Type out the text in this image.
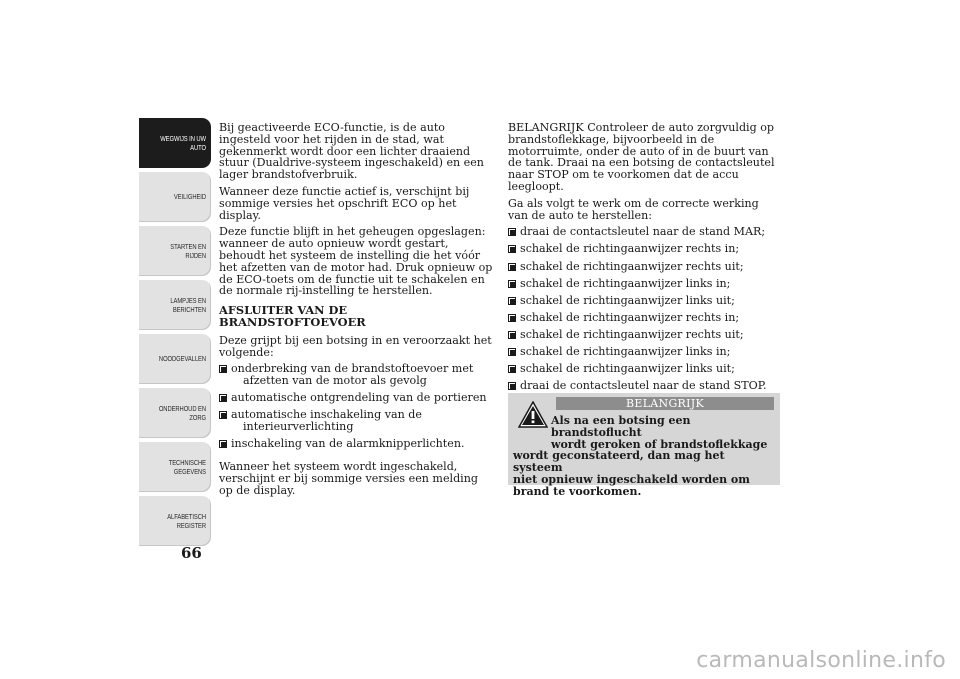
WEGWIJS IN UW AUTO
VEILIGHEID
STARTEN EN RIJDEN
LAMPJES EN BERICHTEN
NOODGEVALLEN
ONDERHOUD EN ZORG
TECHNISCHE GEGEVENS
ALFABETISCH REGISTER
66

Bij geactiveerde ECO-functie, is de auto ingesteld voor het rijden in de stad, wat gekenmerkt wordt door een lichter draaiend stuur (Dualdrive-systeem ingeschakeld) en een lager brandstofverbruik.

Wanneer deze functie actief is, verschijnt bij sommige versies het opschrift ECO op het display.

Deze functie blijft in het geheugen opgeslagen: wanneer de auto opnieuw wordt gestart, behoudt het systeem de instelling die het vóór het afzetten van de motor had. Druk opnieuw op de ECO-toets om de functie uit te schakelen en de normale rij-instelling te herstellen.

AFSLUITER VAN DE BRANDSTOFTOEVOER

Deze grijpt bij een botsing in en veroorzaakt het volgende:

onderbreking van de brandstoftoevoer met
afzetten van de motor als gevolg
automatische ontgrendeling van de portieren
automatische inschakeling van de
interieurverlichting
inschakeling van de alarmknipperlichten.

Wanneer het systeem wordt ingeschakeld, verschijnt er bij sommige versies een melding op de display.

BELANGRIJK Controleer de auto zorgvuldig op brandstoflekkage, bijvoorbeeld in de motorruimte, onder de auto of in de buurt van de tank. Draai na een botsing de contactsleutel naar STOP om te voorkomen dat de accu leegloopt.

Ga als volgt te werk om de correcte werking van de auto te herstellen:

draai de contactsleutel naar de stand MAR;
schakel de richtingaanwijzer rechts in;
schakel de richtingaanwijzer rechts uit;
schakel de richtingaanwijzer links in;
schakel de richtingaanwijzer links uit;
schakel de richtingaanwijzer rechts in;
schakel de richtingaanwijzer rechts uit;
schakel de richtingaanwijzer links in;
schakel de richtingaanwijzer links uit;
draai de contactsleutel naar de stand STOP.
BELANGRIJK
Als na een botsing een brandstoflucht
wordt geroken of brandstoflekkage
wordt geconstateerd, dan mag het systeem
niet opnieuw ingeschakeld worden om
brand te voorkomen.
carmanualsonline.info
